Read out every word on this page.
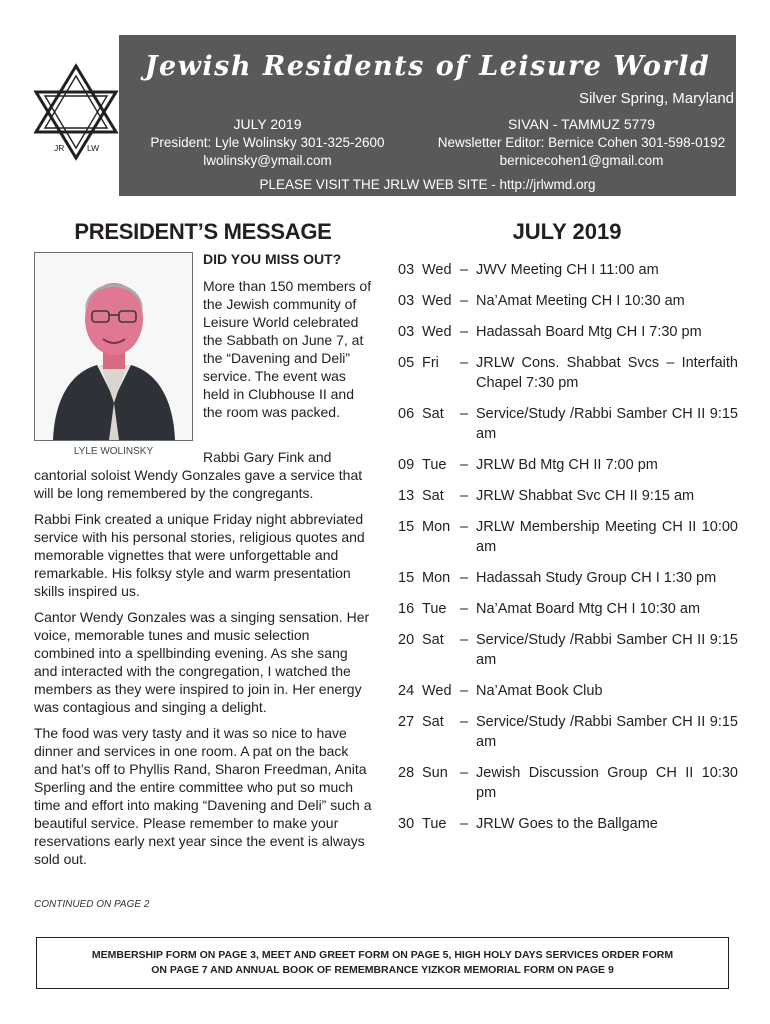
JR	LW
Jewish Residents of Leisure World
Silver Spring, Maryland
JULY 2019
President: Lyle Wolinsky 301-325-2600
lwolinsky@ymail.com
SIVAN - TAMMUZ 5779
Newsletter Editor: Bernice Cohen 301-598-0192
bernicecohen1@gmail.com
PLEASE VISIT THE JRLW WEB SITE - http://jrlwmd.org
PRESIDENT’S MESSAGE
LYLE WOLINSKY
DID YOU MISS OUT?
More than 150 members of the Jewish community of Leisure World celebrated the Sabbath on June 7, at the “Davening and Deli” service. The event was held in Clubhouse II and the room was packed.
Rabbi Gary Fink and cantorial soloist Wendy Gonzales gave a service that will be long remembered by the congregants.
Rabbi Fink created a unique Friday night abbreviated service with his personal stories, religious quotes and memorable vignettes that were unforgettable and remarkable. His folksy style and warm presentation skills inspired us.
Cantor Wendy Gonzales was a singing sensation. Her voice, memorable tunes and music selection combined into a spellbinding evening. As she sang and interacted with the congregation, I watched the members as they were inspired to join in. Her energy was contagious and singing a delight.
The food was very tasty and it was so nice to have dinner and services in one room. A pat on the back and hat’s off to Phyllis Rand, Sharon Freedman, Anita Sperling and the entire committee who put so much time and effort into making “Davening and Deli” such a beautiful service. Please remember to make your reservations early next year since the event is always sold out.
CONTINUED ON PAGE 2
JULY 2019
03 Wed – JWV Meeting CH I 11:00 am
03 Wed – Na’Amat Meeting CH I 10:30 am
03 Wed – Hadassah Board Mtg CH I 7:30 pm
05 Fri	– JRLW Cons. Shabbat Svcs – Interfaith Chapel 7:30 pm
06 Sat	– Service/Study /Rabbi Samber CH II 9:15 am
09 Tue – JRLW Bd Mtg CH II 7:00 pm
13 Sat	– JRLW Shabbat Svc CH II 9:15 am
15 Mon – JRLW Membership Meeting CH II 10:00 am
15 Mon – Hadassah Study Group CH I 1:30 pm
16 Tue – Na’Amat Board Mtg CH I 10:30 am
20 Sat	– Service/Study /Rabbi Samber CH II 9:15 am
24 Wed – Na’Amat Book Club
27 Sat	– Service/Study /Rabbi Samber CH II 9:15 am
28 Sun – Jewish Discussion Group CH II 10:30 pm
30 Tue – JRLW Goes to the Ballgame
MEMBERSHIP FORM ON PAGE 3, MEET AND GREET FORM ON PAGE 5, HIGH HOLY DAYS SERVICES ORDER FORM
ON PAGE 7 AND ANNUAL BOOK OF REMEMBRANCE YIZKOR MEMORIAL FORM ON PAGE 9
